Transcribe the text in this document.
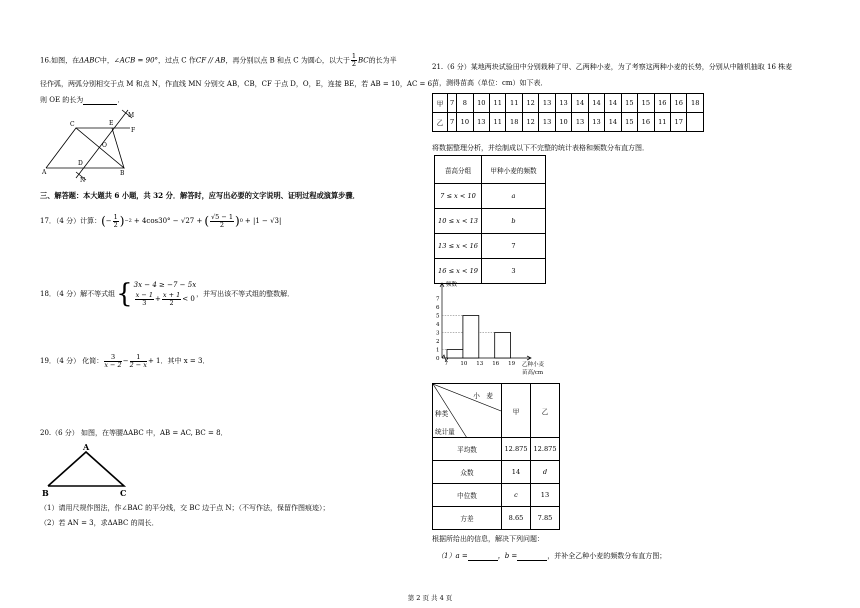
16.如图，在ΔABC中，∠ACB = 90°，过点 C 作CF // AB，再分别以点 B 和点 C 为圆心，以大于 $\frac{1}{2}$ BC的长为半
径作弧，两弧分别相交于点 M 和点 N，作直线 MN 分别交 AB，CB，CF 于点 D，O，E，连接 BE，若 AB = 10，AC = 6，
则 OE 的长为	．
C	E
M
F
O
A
D
N
B
三、解答题：本大题共 6 小题，共 32 分．解答时，应写出必要的文字说明、证明过程或演算步骤．
17．（4 分）计算： ( − $\frac{1}{2}$ ) −2 + 4cos30° − √27 + ( $\frac{√5 - 1}{2}$ ) 0 + |1 − √3|
18．（4 分）解不等式组 { 3x − 4 ≥ −7 − 5x
$\frac{x - 1}{3} + \frac{x + 1}{2} < 0$
，并写出该不等式组的整数解．
19．（4 分） 化简： $\frac{3}{x - 2} - \frac{1}{2 - x} + 1$．其中 x = 3．
20.（6 分） 如图，在等腰ΔABC 中，AB = AC, BC = 8．
A
B	C
（1）请用尺规作图法，作∠BAC 的平分线，交 BC 边于点 N；（不写作法，保留作图痕迹）；
（2）若 AN = 3，求ΔABC 的周长．
21.（6 分）某地两块试验田中分别栽种了甲、乙两种小麦，为了考察这两种小麦的长势，分别从中随机抽取 16 株麦
苗，测得苗高（单位：cm）如下表．
甲	7	8	10	11	11	12	13	13	14	14	14	15	15	16	16	18
乙	7	10	13	11	18	12	13	10	13	13	14	15	16	11	17	
将数据整理分析，并绘制成以下不完整的统计表格和频数分布直方图．
苗高分组	甲种小麦的频数
7 ≤ x < 10	a
10 ≤ x < 13	b
13 ≤ x < 16	7
16 ≤ x < 19	3
0
1
2
3
4
5
6
7
7 10 13 16 19
频数
乙种小麦
苗高/cm
小　麦
种类
统计量	甲	乙
平均数	12.875	12.875
众数	14	d
中位数	c	13
方差	8.65	7.85
根据所给出的信息，解决下列问题：
（1）a =	，b =	，并补全乙种小麦的频数分布直方图；
第 2 页 共 4 页
